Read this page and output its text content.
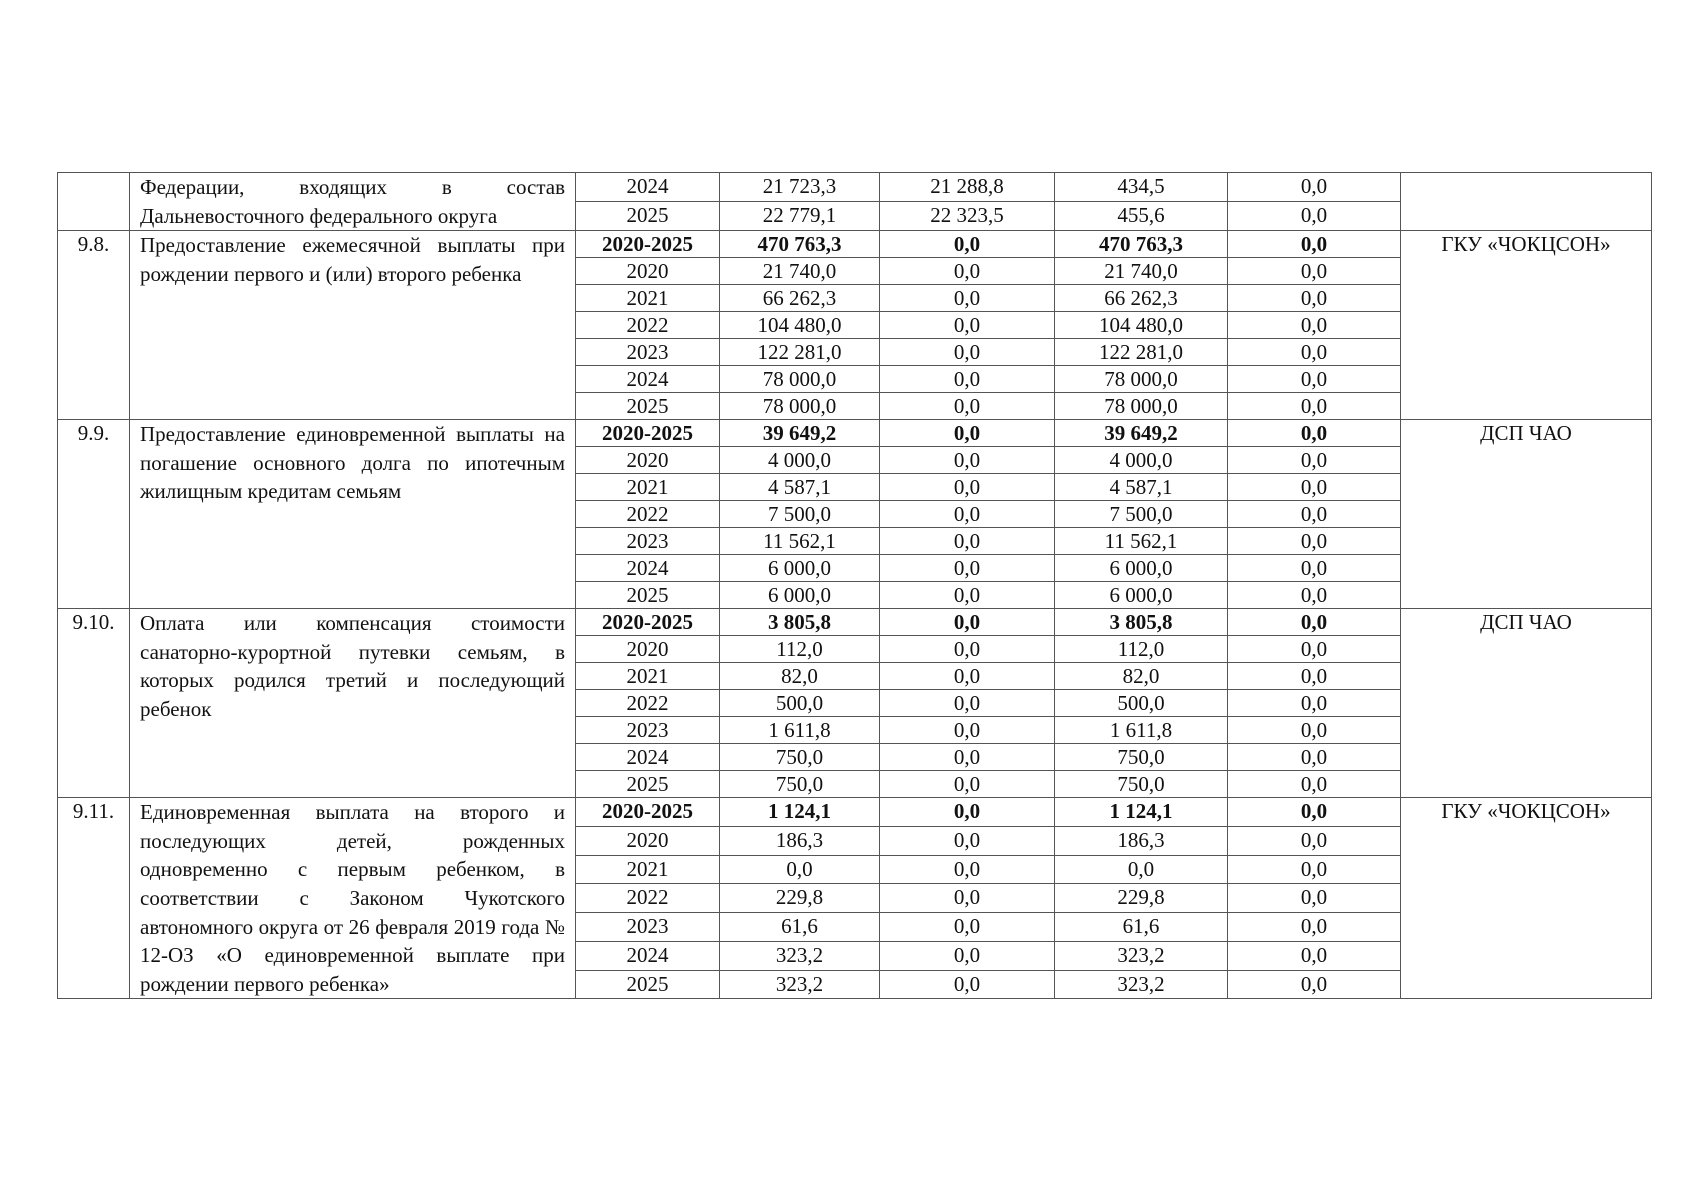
	Федерации, входящих в состав Дальневосточного федерального округа	2024	21 723,3	21 288,8	434,5	0,0	
		2025	22 779,1	22 323,5	455,6	0,0	
9.8.	Предоставление ежемесячной выплаты при рождении первого и (или) второго ребенка	2020-2025	470 763,3	0,0	470 763,3	0,0	ГКУ «ЧОКЦСОН»
		2020	21 740,0	0,0	21 740,0	0,0	
		2021	66 262,3	0,0	66 262,3	0,0	
		2022	104 480,0	0,0	104 480,0	0,0	
		2023	122 281,0	0,0	122 281,0	0,0	
		2024	78 000,0	0,0	78 000,0	0,0	
		2025	78 000,0	0,0	78 000,0	0,0	
9.9.	Предоставление единовременной выплаты на погашение основного долга по ипотечным жилищным кредитам семьям	2020-2025	39 649,2	0,0	39 649,2	0,0	ДСП ЧАО
		2020	4 000,0	0,0	4 000,0	0,0	
		2021	4 587,1	0,0	4 587,1	0,0	
		2022	7 500,0	0,0	7 500,0	0,0	
		2023	11 562,1	0,0	11 562,1	0,0	
		2024	6 000,0	0,0	6 000,0	0,0	
		2025	6 000,0	0,0	6 000,0	0,0	
9.10.	Оплата или компенсация стоимости санаторно-курортной путевки семьям, в которых родился третий и последующий ребенок	2020-2025	3 805,8	0,0	3 805,8	0,0	ДСП ЧАО
		2020	112,0	0,0	112,0	0,0	
		2021	82,0	0,0	82,0	0,0	
		2022	500,0	0,0	500,0	0,0	
		2023	1 611,8	0,0	1 611,8	0,0	
		2024	750,0	0,0	750,0	0,0	
		2025	750,0	0,0	750,0	0,0	
9.11.	Единовременная выплата на второго и последующих детей, рожденных одновременно с первым ребенком, в соответствии с Законом Чукотского автономного округа от 26 февраля 2019 года № 12-ОЗ «О единовременной выплате при рождении первого ребенка»	2020-2025	1 124,1	0,0	1 124,1	0,0	ГКУ «ЧОКЦСОН»
		2020	186,3	0,0	186,3	0,0	
		2021	0,0	0,0	0,0	0,0	
		2022	229,8	0,0	229,8	0,0	
		2023	61,6	0,0	61,6	0,0	
		2024	323,2	0,0	323,2	0,0	
		2025	323,2	0,0	323,2	0,0	
